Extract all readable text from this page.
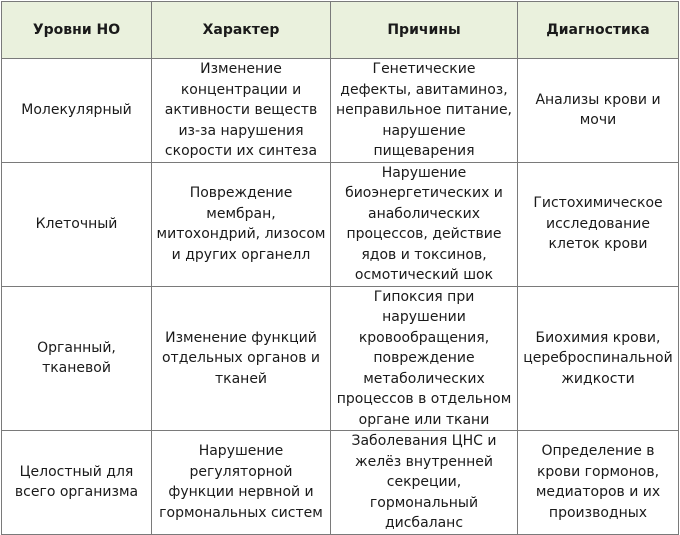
Уровни НО	Характер	Причины	Диагностика
Молекулярный	Изменение концентрации и активности веществ из-за нарушения скорости их синтеза	Генетические дефекты, авитаминоз, неправильное питание, нарушение пищеварения	Анализы крови и мочи
Клеточный	Повреждение мембран, митохондрий, лизосом и других органелл	Нарушение биоэнергетических и анаболических процессов, действие ядов и токсинов, осмотический шок	Гистохимическое исследование клеток крови
Органный, тканевой	Изменение функций отдельных органов и тканей	Гипоксия при нарушении кровообращения, повреждение метаболических процессов в отдельном органе или ткани	Биохимия крови, цереброспинальной жидкости
Целостный для всего организма	Нарушение регуляторной функции нервной и гормональных систем	Заболевания ЦНС и желёз внутренней секреции, гормональный дисбаланс	Определение в крови гормонов, медиаторов и их производных
